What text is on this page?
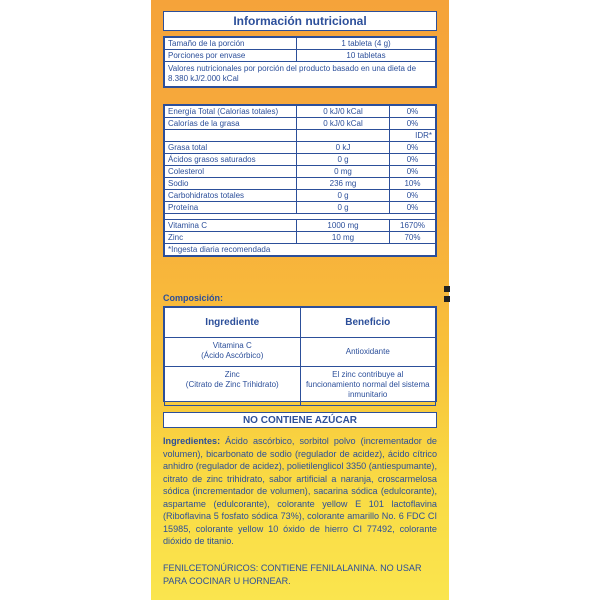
Información nutricional
Tamaño de la porción	1 tableta (4 g)
Porciones por envase	10 tabletas
Valores nutricionales por porción del producto basado en una dieta de 8.380 kJ/2.000 kCal	
Energía Total (Calorías totales)	0 kJ/0 kCal	0%
Calorías de la grasa	0 kJ/0 kCal	0%
		IDR*
Grasa total	0 kJ	0%
Ácidos grasos saturados	0 g	0%
Colesterol	0 mg	0%
Sodio	236 mg	10%
Carbohidratos totales	0 g	0%
Proteína	0 g	0%

Vitamina C	1000 mg	1670%
Zinc	10 mg	70%
*Ingesta diaria recomendada		
Composición:
Ingrediente	Beneficio

Vitamina C
(Ácido Ascórbico)	Antioxidante

Zinc
(Citrato de Zinc Trihidrato)	El zinc contribuye al funcionamiento normal del sistema inmunitario
NO CONTIENE AZÚCAR
Ingredientes: Ácido ascórbico, sorbitol polvo (incrementador de volumen), bicarbonato de sodio (regulador de acidez), ácido cítrico anhidro (regulador de acidez), polietilenglicol 3350 (antiespumante), citrato de zinc trihidrato, sabor artificial a naranja, croscarmelosa sódica (incrementador de volumen), sacarina sódica (edulcorante), aspartame (edulcorante), colorante yellow E 101 lactoflavina (Riboflavina 5 fosfato sódica 73%), colorante amarillo No. 6 FDC CI 15985, colorante yellow 10 óxido de hierro CI 77492, colorante dióxido de titanio.
FENILCETONÚRICOS: CONTIENE FENILALANINA. NO USAR PARA COCINAR U HORNEAR.
